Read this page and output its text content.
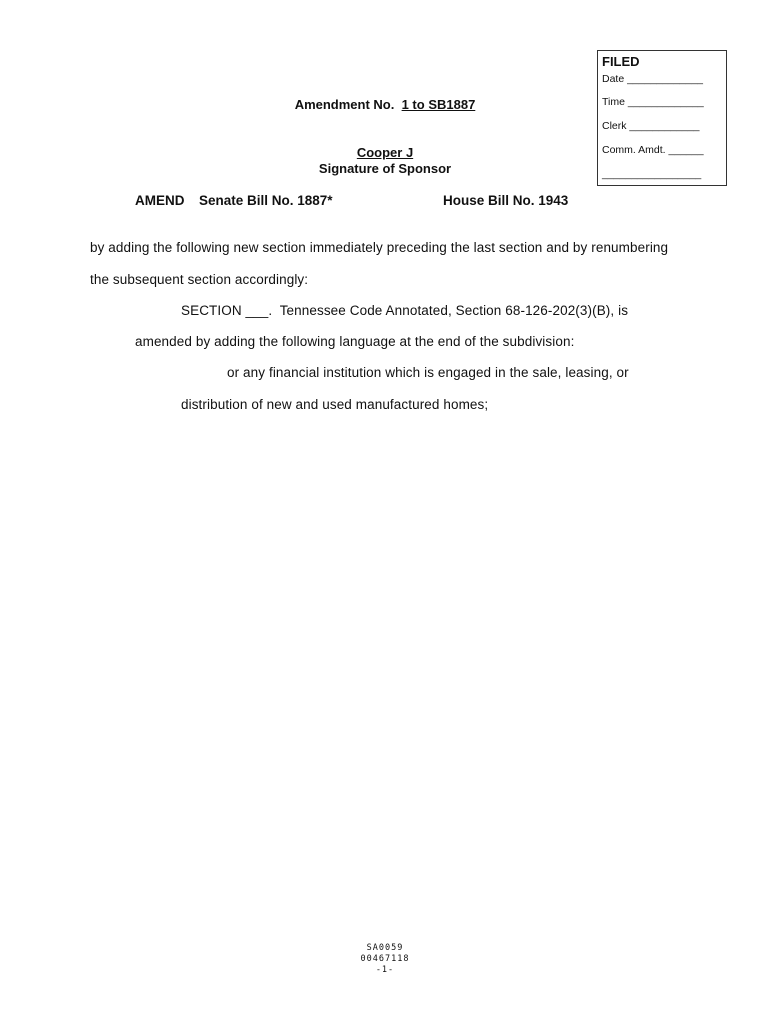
FILED
Date _____________
Time _____________
Clerk ____________
Comm. Amdt. ______
_________________
Amendment No. 1 to SB1887
Cooper J
Signature of Sponsor
AMEND Senate Bill No. 1887*	House Bill No. 1943
by adding the following new section immediately preceding the last section and by renumbering
the subsequent section accordingly:
SECTION ___.  Tennessee Code Annotated, Section 68-126-202(3)(B), is
amended by adding the following language at the end of the subdivision:
or any financial institution which is engaged in the sale, leasing, or
distribution of new and used manufactured homes;
SA0059
00467118
-1-
